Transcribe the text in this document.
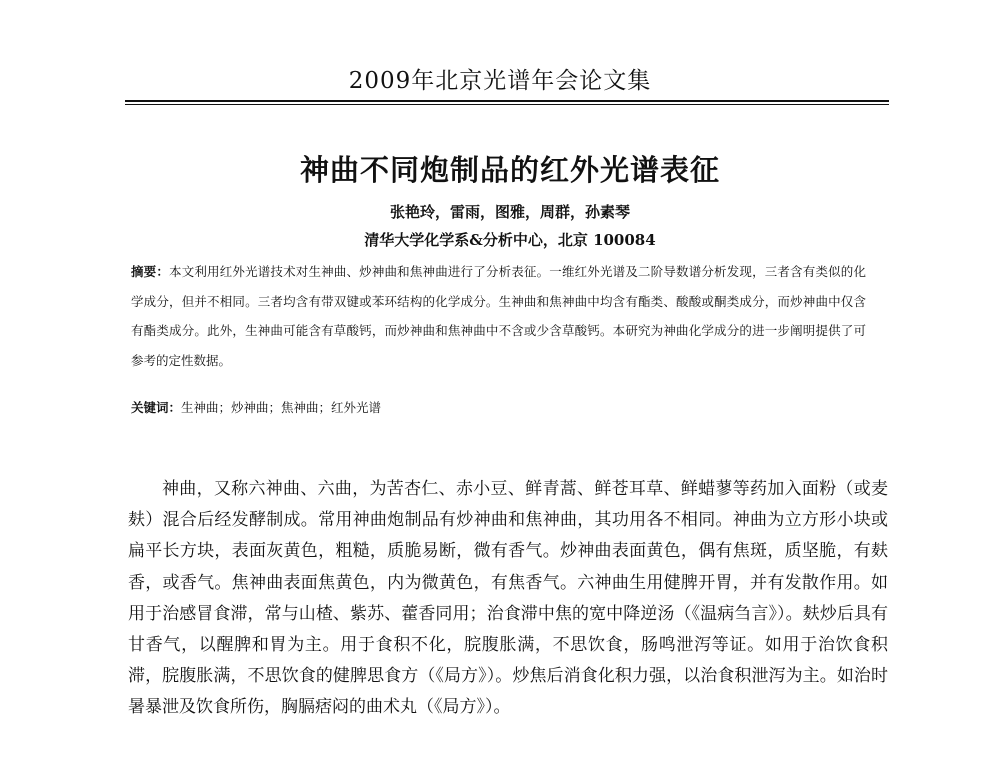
2009年北京光谱年会论文集
神曲不同炮制品的红外光谱表征
张艳玲，雷雨，图雅，周群，孙素琴
清华大学化学系&分析中心，北京 100084
摘要：本文利用红外光谱技术对生神曲、炒神曲和焦神曲进行了分析表征。一维红外光谱及二阶导数谱分析发现，三者含有类似的化学成分，但并不相同。三者均含有带双键或苯环结构的化学成分。生神曲和焦神曲中均含有酯类、酸酸或酮类成分，而炒神曲中仅含有酯类成分。此外，生神曲可能含有草酸钙，而炒神曲和焦神曲中不含或少含草酸钙。本研究为神曲化学成分的进一步阐明提供了可参考的定性数据。
关键词：生神曲；炒神曲；焦神曲；红外光谱

神曲，又称六神曲、六曲，为苦杏仁、赤小豆、鲜青蒿、鲜苍耳草、鲜蜡蓼等药加入面粉（或麦麸）混合后经发酵制成。常用神曲炮制品有炒神曲和焦神曲，其功用各不相同。神曲为立方形小块或扁平长方块，表面灰黄色，粗糙，质脆易断，微有香气。炒神曲表面黄色，偶有焦斑，质坚脆，有麸香，或香气。焦神曲表面焦黄色，内为微黄色，有焦香气。六神曲生用健脾开胃，并有发散作用。如用于治感冒食滞，常与山楂、紫苏、藿香同用；治食滞中焦的宽中降逆汤（《温病刍言》）。麸炒后具有甘香气，以醒脾和胃为主。用于食积不化，脘腹胀满，不思饮食，肠鸣泄泻等证。如用于治饮食积滞，脘腹胀满，不思饮食的健脾思食方（《局方》）。炒焦后消食化积力强，以治食积泄泻为主。如治时暑暴泄及饮食所伤，胸膈痞闷的曲术丸（《局方》）。
